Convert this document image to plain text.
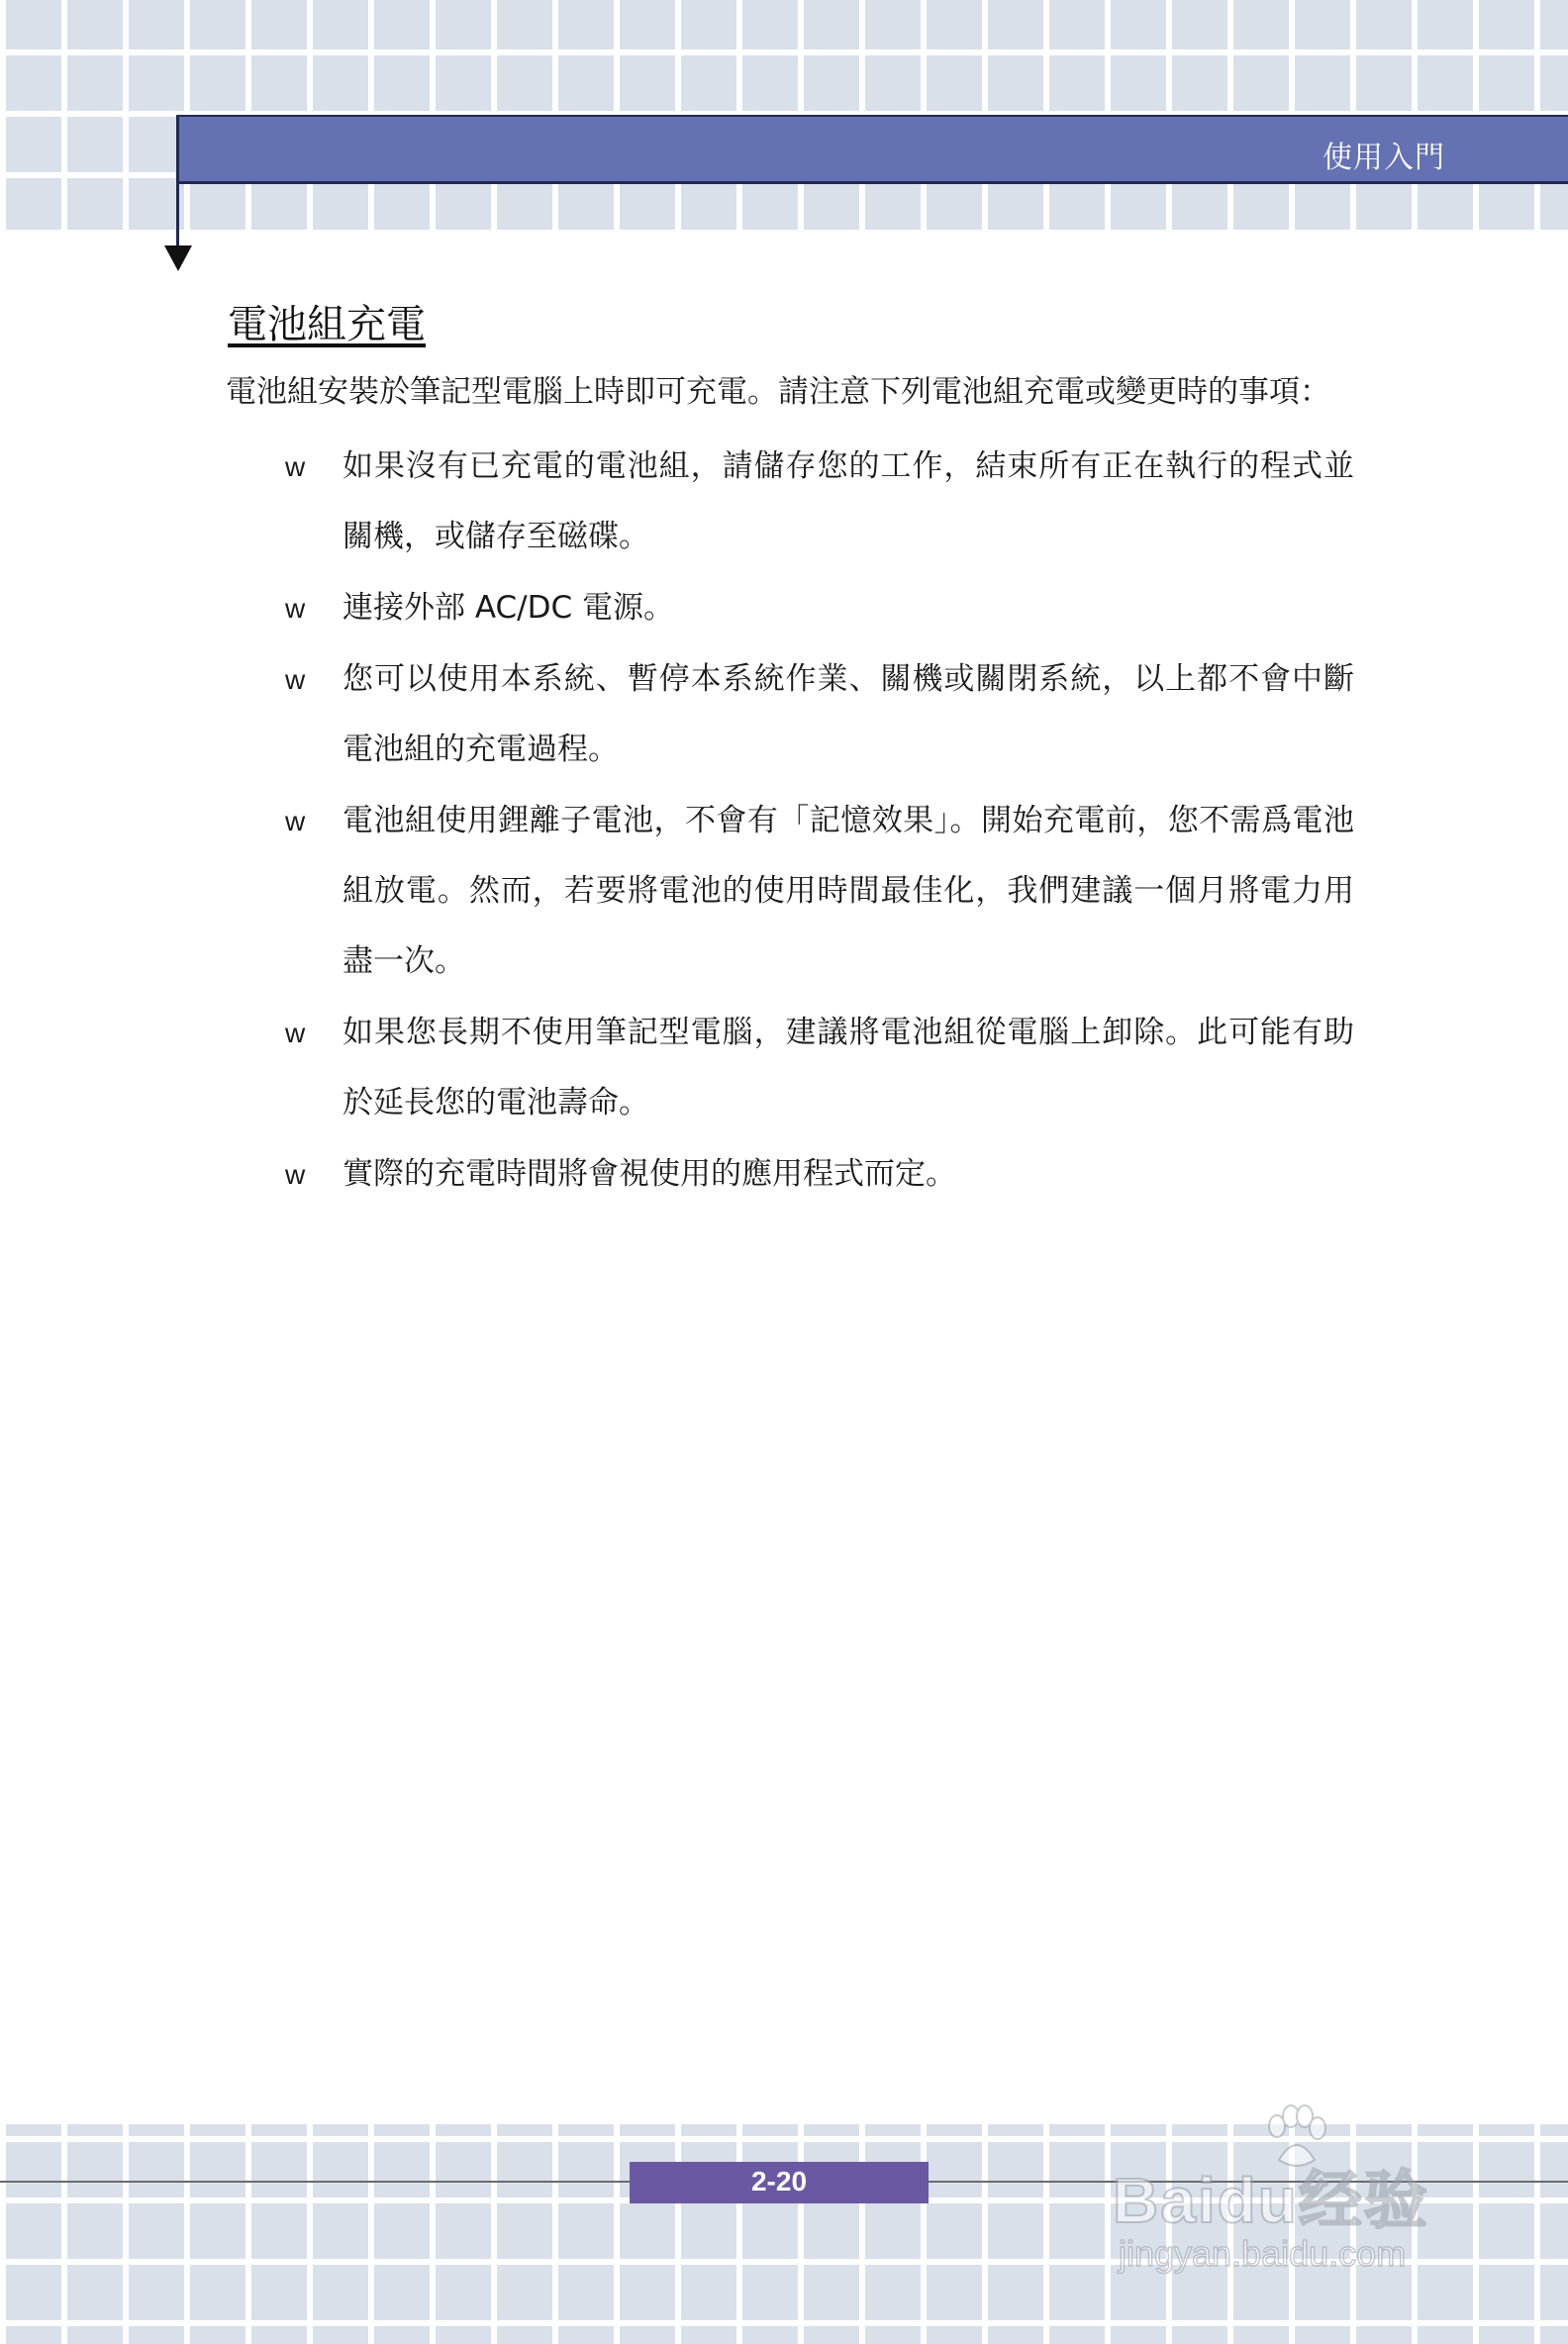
使用入門
電池組充電
電池組安裝於筆記型電腦上時即可充電。請注意下列電池組充電或變更時的事項：
w 如果沒有已充電的電池組，請儲存您的工作，結束所有正在執行的程式並關機，或儲存至磁碟。
w 連接外部 AC/DC 電源。
w 您可以使用本系統、暫停本系統作業、關機或關閉系統，以上都不會中斷電池組的充電過程。
w 電池組使用鋰離子電池，不會有「記憶效果」。開始充電前，您不需爲電池組放電。然而，若要將電池的使用時間最佳化，我們建議一個月將電力用盡一次。
w 如果您長期不使用筆記型電腦，建議將電池組從電腦上卸除。此可能有助於延長您的電池壽命。
w 實際的充電時間將會視使用的應用程式而定。
2-20	Baidu经验
jingyan.baidu.com
